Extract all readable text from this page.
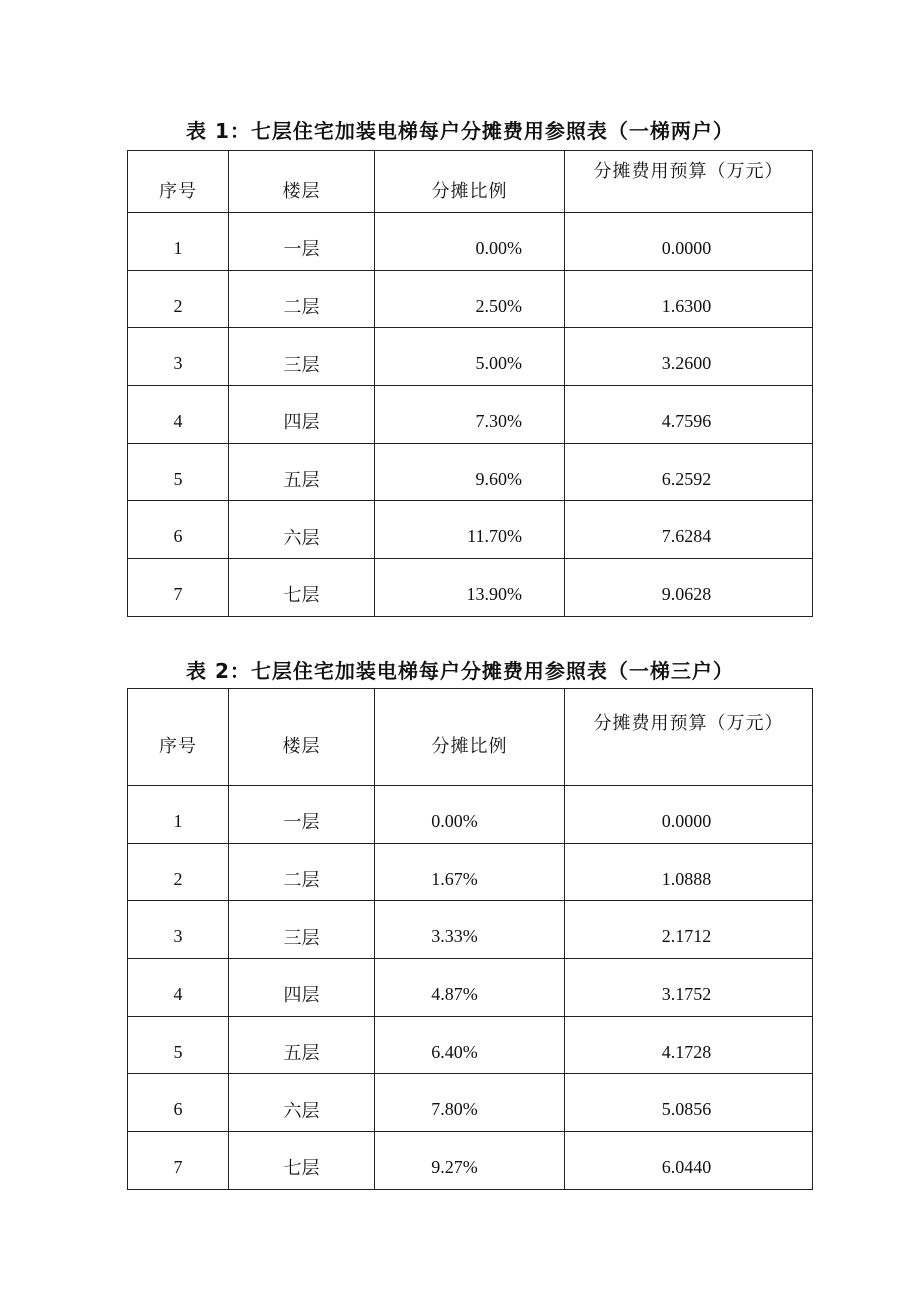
表 1：七层住宅加装电梯每户分摊费用参照表（一梯两户）
序号	楼层	分摊比例	分摊费用预算（万元）
1	一层	0.00%	0.0000
2	二层	2.50%	1.6300
3	三层	5.00%	3.2600
4	四层	7.30%	4.7596
5	五层	9.60%	6.2592
6	六层	11.70%	7.6284
7	七层	13.90%	9.0628
表 2：七层住宅加装电梯每户分摊费用参照表（一梯三户）
序号	楼层	分摊比例	分摊费用预算（万元）
1	一层	0.00%	0.0000
2	二层	1.67%	1.0888
3	三层	3.33%	2.1712
4	四层	4.87%	3.1752
5	五层	6.40%	4.1728
6	六层	7.80%	5.0856
7	七层	9.27%	6.0440
